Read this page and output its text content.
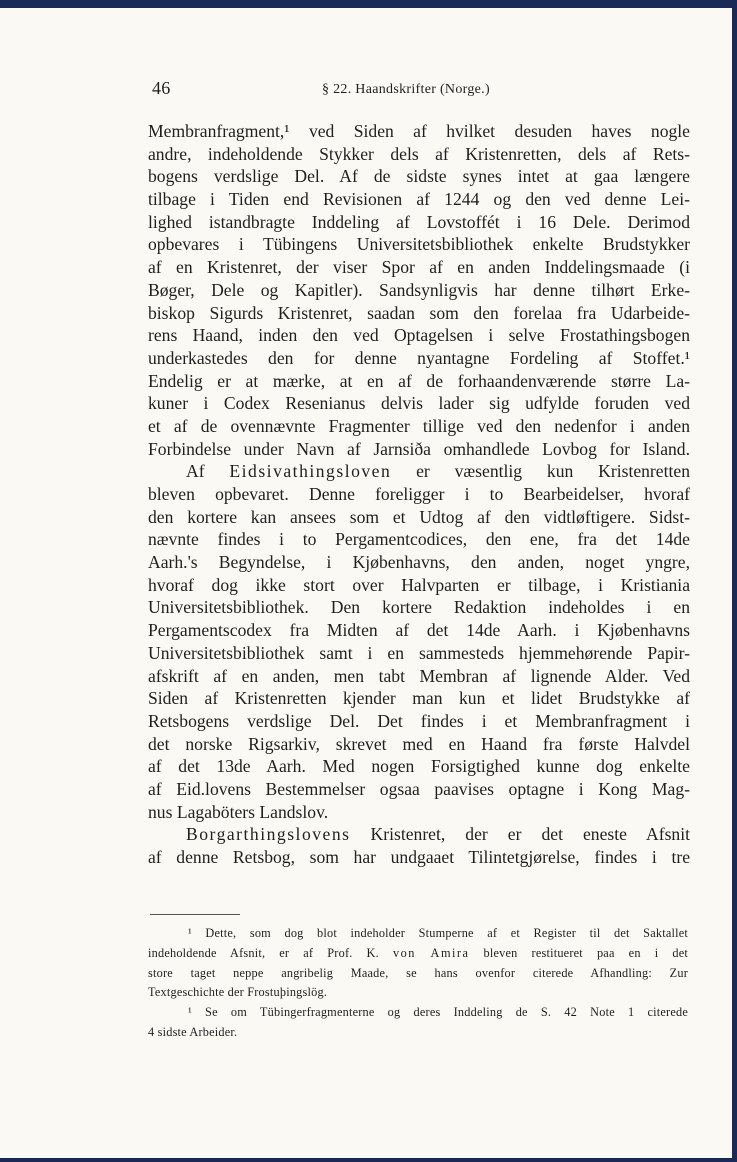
46	§ 22. Haandskrifter (Norge.)
Membranfragment,¹ ved Siden af hvilket desuden haves nogle
andre, indeholdende Stykker dels af Kristenretten, dels af Rets-
bogens verdslige Del. Af de sidste synes intet at gaa længere
tilbage i Tiden end Revisionen af 1244 og den ved denne Lei-
lighed istandbragte Inddeling af Lovstoffét i 16 Dele. Derimod
opbevares i Tübingens Universitetsbibliothek enkelte Brudstykker
af en Kristenret, der viser Spor af en anden Inddelingsmaade (i
Bøger, Dele og Kapitler). Sandsynligvis har denne tilhørt Erke-
biskop Sigurds Kristenret, saadan som den forelaa fra Udarbeide-
rens Haand, inden den ved Optagelsen i selve Frostathingsbogen
underkastedes den for denne nyantagne Fordeling af Stoffet.¹
Endelig er at mærke, at en af de forhaandenværende større La-
kuner i Codex Resenianus delvis lader sig udfylde foruden ved
et af de ovennævnte Fragmenter tillige ved den nedenfor i anden
Forbindelse under Navn af Jarnsiða omhandlede Lovbog for Island.
Af Eidsivathingsloven er væsentlig kun Kristenretten
bleven opbevaret. Denne foreligger i to Bearbeidelser, hvoraf
den kortere kan ansees som et Udtog af den vidtløftigere. Sidst-
nævnte findes i to Pergamentcodices, den ene, fra det 14de
Aarh.'s Begyndelse, i Kjøbenhavns, den anden, noget yngre,
hvoraf dog ikke stort over Halvparten er tilbage, i Kristiania
Universitetsbibliothek. Den kortere Redaktion indeholdes i en
Pergamentscodex fra Midten af det 14de Aarh. i Kjøbenhavns
Universitetsbibliothek samt i en sammesteds hjemmehørende Papir-
afskrift af en anden, men tabt Membran af lignende Alder. Ved
Siden af Kristenretten kjender man kun et lidet Brudstykke af
Retsbogens verdslige Del. Det findes i et Membranfragment i
det norske Rigsarkiv, skrevet med en Haand fra første Halvdel
af det 13de Aarh. Med nogen Forsigtighed kunne dog enkelte
af Eid.lovens Bestemmelser ogsaa paavises optagne i Kong Mag-
nus Lagaböters Landslov.
Borgarthingslovens Kristenret, der er det eneste Afsnit
af denne Retsbog, som har undgaaet Tilintetgjørelse, findes i tre
¹ Dette, som dog blot indeholder Stumperne af et Register til det Saktallet
indeholdende Afsnit, er af Prof. K. von Amira bleven restitueret paa en i det
store taget neppe angribelig Maade, se hans ovenfor citerede Afhandling: Zur
Textgeschichte der Frostuþingslög.
¹ Se om Tübingerfragmenterne og deres Inddeling de S. 42 Note 1 citerede
4 sidste Arbeider.
